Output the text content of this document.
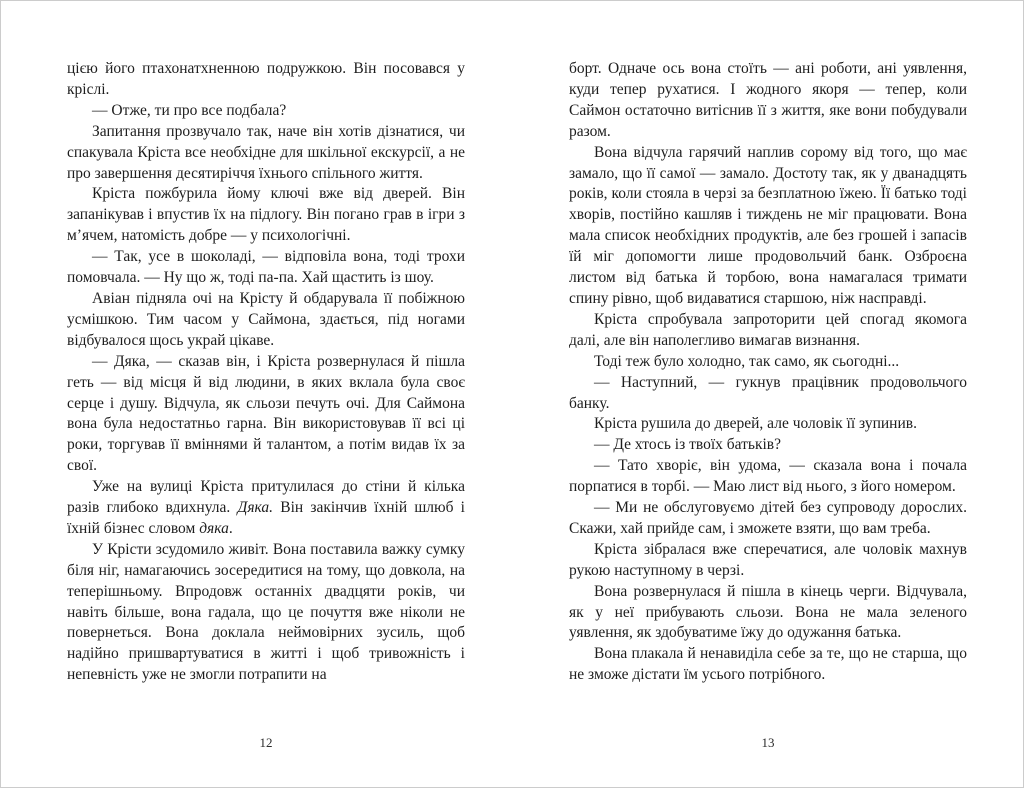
цією його птахонатхненною подружкою. Він посовався у кріслі.

— Отже, ти про все подбала?

Запитання прозвучало так, наче він хотів дізнатися, чи спакувала Кріста все необхідне для шкільної екскурсії, а не про завершення десятиріччя їхнього спільного життя.

Кріста пожбурила йому ключі вже від дверей. Він запанікував і впустив їх на підлогу. Він погано грав в ігри з м’ячем, натомість добре — у психологічні.

— Так, усе в шоколаді, — відповіла вона, тоді трохи помовчала. — Ну що ж, тоді па-па. Хай щастить із шоу.

Авіан підняла очі на Крісту й обдарувала її побіжною усмішкою. Тим часом у Саймона, здається, під ногами відбувалося щось украй цікаве.

— Дяка, — сказав він, і Кріста розвернулася й пішла геть — від місця й від людини, в яких вклала була своє серце і душу. Відчула, як сльози печуть очі. Для Саймона вона була недостатньо гарна. Він використовував її всі ці роки, торгував її вміннями й талантом, а потім видав їх за свої.

Уже на вулиці Кріста притулилася до стіни й кілька разів глибоко вдихнула. Дяка. Він закінчив їхній шлюб і їхній бізнес словом дяка.

У Крісти зсудомило живіт. Вона поставила важку сумку біля ніг, намагаючись зосередитися на тому, що довкола, на теперішньому. Впродовж останніх двадцяти років, чи навіть більше, вона гадала, що це почуття вже ніколи не повернеться. Вона доклала неймовірних зусиль, щоб надійно пришвартуватися в житті і щоб тривожність і непевність уже не змогли потрапити на

12

борт. Одначе ось вона стоїть — ані роботи, ані уявлення, куди тепер рухатися. І жодного якоря — тепер, коли Саймон остаточно витіснив її з життя, яке вони побудували разом.

Вона відчула гарячий наплив сорому від того, що має замало, що її самої — замало. Достоту так, як у дванадцять років, коли стояла в черзі за безплатною їжею. Її батько тоді хворів, постійно кашляв і тиждень не міг працювати. Вона мала список необхідних продуктів, але без грошей і запасів їй міг допомогти лише продовольчий банк. Озброєна листом від батька й торбою, вона намагалася тримати спину рівно, щоб видаватися старшою, ніж насправді.

Кріста спробувала запроторити цей спогад якомога далі, але він наполегливо вимагав визнання.

Тоді теж було холодно, так само, як сьогодні...

— Наступний, — гукнув працівник продовольчого банку.

Кріста рушила до дверей, але чоловік її зупинив.

— Де хтось із твоїх батьків?

— Тато хворіє, він удома, — сказала вона і почала порпатися в торбі. — Маю лист від нього, з його номером.

— Ми не обслуговуємо дітей без супроводу дорослих. Скажи, хай прийде сам, і зможете взяти, що вам треба.

Кріста зібралася вже сперечатися, але чоловік махнув рукою наступному в черзі.

Вона розвернулася й пішла в кінець черги. Відчувала, як у неї прибувають сльози. Вона не мала зеленого уявлення, як здобуватиме їжу до одужання батька.

Вона плакала й ненавиділа себе за те, що не старша, що не зможе дістати їм усього потрібного.

13
